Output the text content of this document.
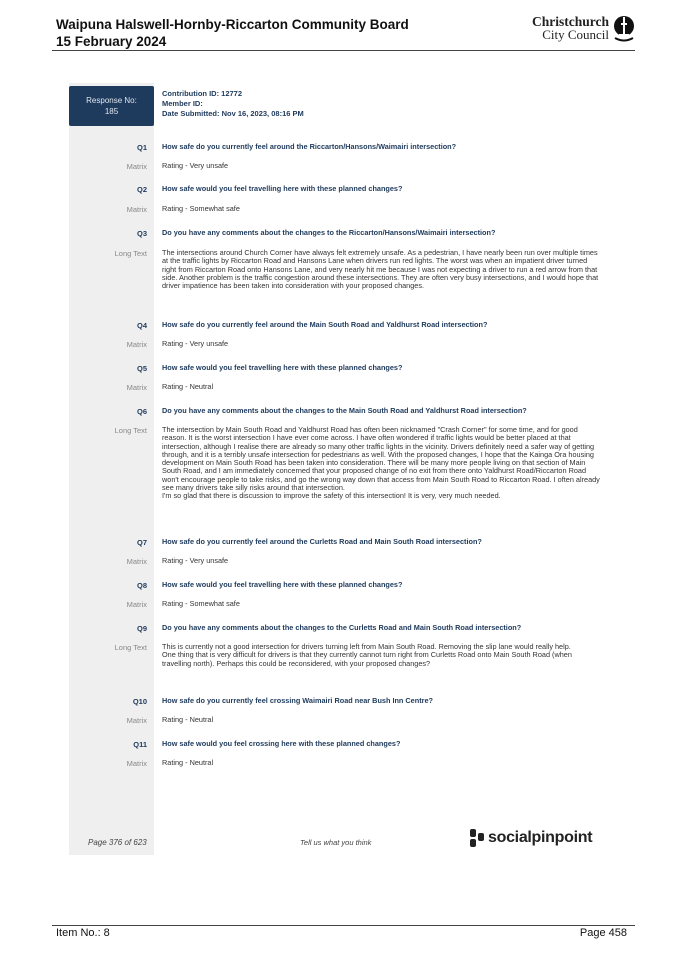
Waipuna Halswell-Hornby-Riccarton Community Board
15 February 2024
Christchurch
City Council
Response No:
185
Contribution ID: 12772
Member ID:
Date Submitted: Nov 16, 2023, 08:16 PM
Q1 How safe do you currently feel around the Riccarton/Hansons/Waimairi intersection?
Matrix Rating - Very unsafe
Q2 How safe would you feel travelling here with these planned changes?
Matrix Rating - Somewhat safe
Q3 Do you have any comments about the changes to the Riccarton/Hansons/Waimairi intersection?
Long Text The intersections around Church Corner have always felt extremely unsafe. As a pedestrian, I have nearly been run over multiple times at the traffic lights by Riccarton Road and Hansons Lane when drivers run red lights. The worst was when an impatient driver turned right from Riccarton Road onto Hansons Lane, and very nearly hit me because I was not expecting a driver to run a red arrow from that side. Another problem is the traffic congestion around these intersections. They are often very busy intersections, and I would hope that driver impatience has been taken into consideration with your proposed changes.
Q4 How safe do you currently feel around the Main South Road and Yaldhurst Road intersection?
Matrix Rating - Very unsafe
Q5 How safe would you feel travelling here with these planned changes?
Matrix Rating - Neutral
Q6 Do you have any comments about the changes to the Main South Road and Yaldhurst Road intersection?
Long Text The intersection by Main South Road and Yaldhurst Road has often been nicknamed "Crash Corner" for some time, and for good reason. It is the worst intersection I have ever come across. I have often wondered if traffic lights would be better placed at that intersection, although I realise there are already so many other traffic lights in the vicinity. Drivers definitely need a safer way of getting through, and it is a terribly unsafe intersection for pedestrians as well. With the proposed changes, I hope that the Kainga Ora housing development on Main South Road has been taken into consideration. There will be many more people living on that section of Main South Road, and I am immediately concerned that your proposed change of no exit from there onto Yaldhurst Road/Riccarton Road won't encourage people to take risks, and go the wrong way down that access from Main South Road to Riccarton Road. I often already see many drivers take silly risks around that intersection.
I'm so glad that there is discussion to improve the safety of this intersection! It is very, very much needed.
Q7 How safe do you currently feel around the Curletts Road and Main South Road intersection?
Matrix Rating - Very unsafe
Q8 How safe would you feel travelling here with these planned changes?
Matrix Rating - Somewhat safe
Q9 Do you have any comments about the changes to the Curletts Road and Main South Road intersection?
Long Text This is currently not a good intersection for drivers turning left from Main South Road. Removing the slip lane would really help.
One thing that is very difficult for drivers is that they currently cannot turn right from Curletts Road onto Main South Road (when travelling north). Perhaps this could be reconsidered, with your proposed changes?
Q10 How safe do you currently feel crossing Waimairi Road near Bush Inn Centre?
Matrix Rating - Neutral
Q11 How safe would you feel crossing here with these planned changes?
Matrix Rating - Neutral
Page 376 of 623	Tell us what you think	socialpinpoint
Item No.: 8	Page 458
